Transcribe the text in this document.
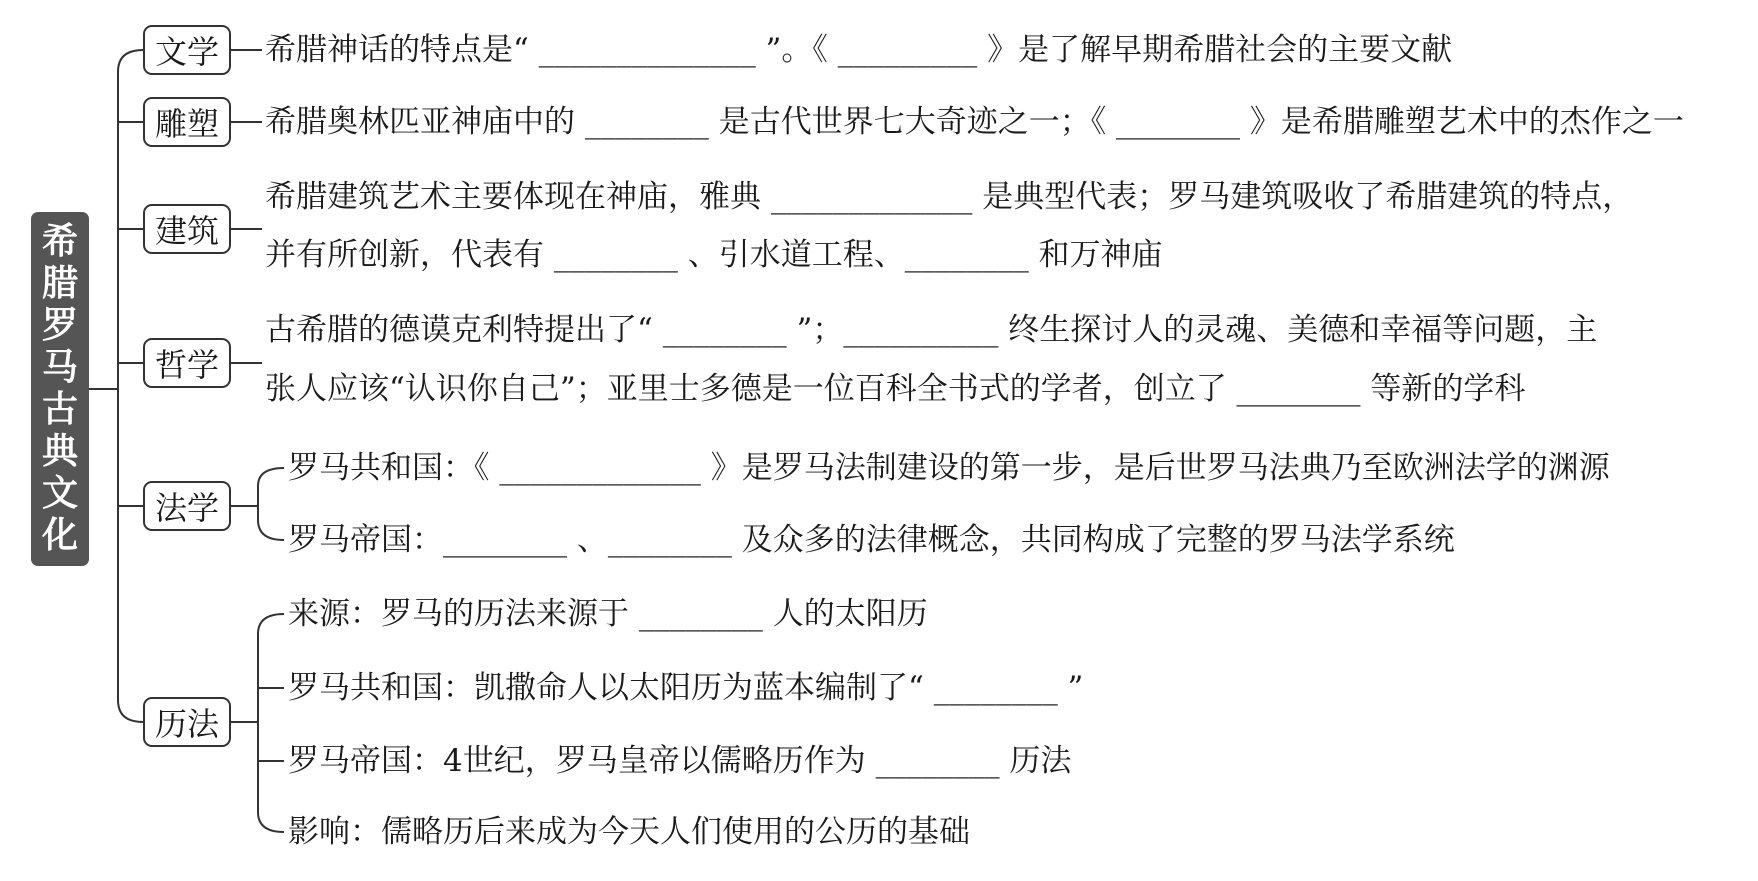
希
腊
罗
马
古
典
文
化
文学	希腊神话的特点是“ ______________ ”。《 _________ 》是了解早期希腊社会的主要文献
雕塑	希腊奥林匹亚神庙中的 ________ 是古代世界七大奇迹之一；《 ________ 》是希腊雕塑艺术中的杰作之一
建筑
希腊建筑艺术主要体现在神庙，雅典 _____________ 是典型代表；罗马建筑吸收了希腊建筑的特点，
并有所创新，代表有 ________ 、引水道工程、________ 和万神庙
哲学
古希腊的德谟克利特提出了“ ________ ”；__________ 终生探讨人的灵魂、美德和幸福等问题，主
张人应该“认识你自己”；亚里士多德是一位百科全书式的学者，创立了 ________ 等新的学科
法学
罗马共和国：《 _____________ 》是罗马法制建设的第一步，是后世罗马法典乃至欧洲法学的渊源
罗马帝国：________ 、________ 及众多的法律概念，共同构成了完整的罗马法学系统
历法
来源：罗马的历法来源于 ________ 人的太阳历
罗马共和国：凯撒命人以太阳历为蓝本编制了“ ________ ”
罗马帝国：4世纪，罗马皇帝以儒略历作为 ________ 历法
影响：儒略历后来成为今天人们使用的公历的基础
